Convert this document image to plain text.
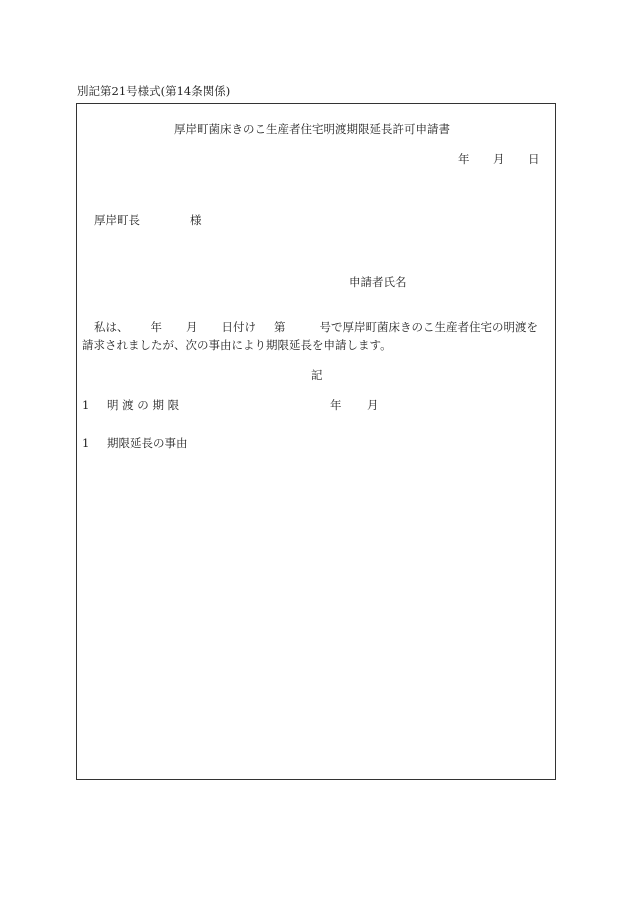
別記第21号様式(第14条関係)
厚岸町菌床きのこ生産者住宅明渡期限延長許可申請書
年 月 日
厚岸町長	様
申請者氏名
私は、 年 月 日付け 第	号で厚岸町菌床きのこ生産者住宅の明渡を
請求されましたが、次の事由により期限延長を申請します。
記
1 明 渡 の 期 限	年 月
1 期限延長の事由
